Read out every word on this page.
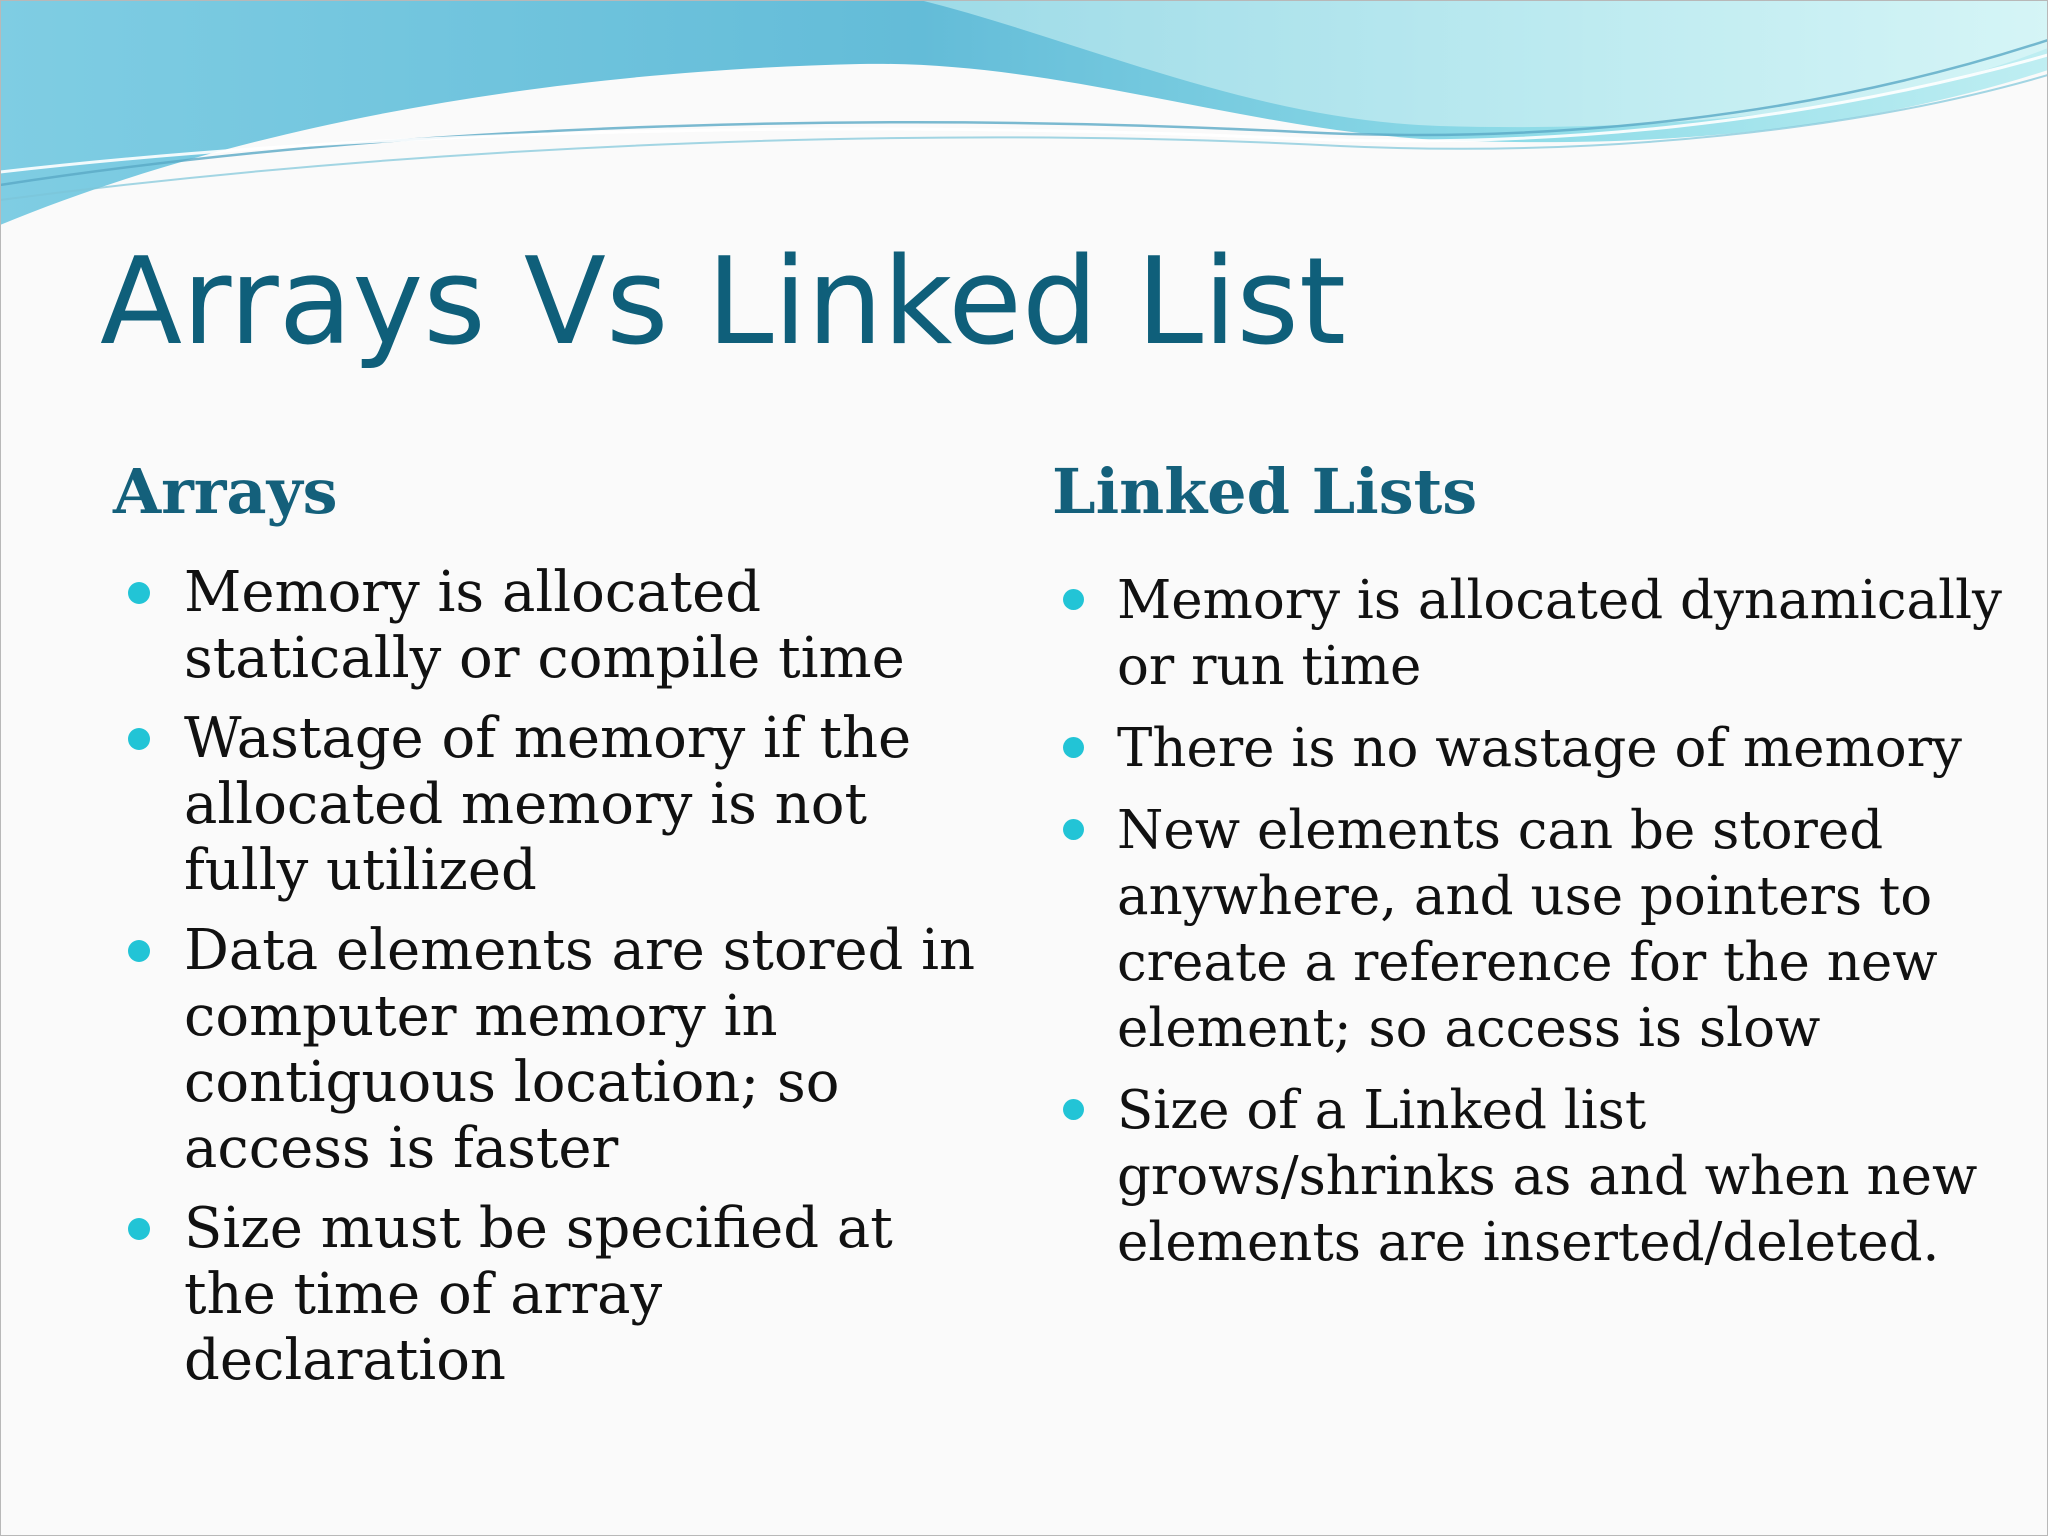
Arrays Vs Linked List
Arrays
Memory is allocated statically or compile time
Wastage of memory if the allocated memory is not fully utilized
Data elements are stored in computer memory in contiguous location; so access is faster
Size must be specified at the time of array declaration
Linked Lists
Memory is allocated dynamically or run time
There is no wastage of memory
New elements can be stored anywhere, and use pointers to create a reference for the new element; so access is slow
Size of a Linked list grows/shrinks as and when new elements are inserted/deleted.
